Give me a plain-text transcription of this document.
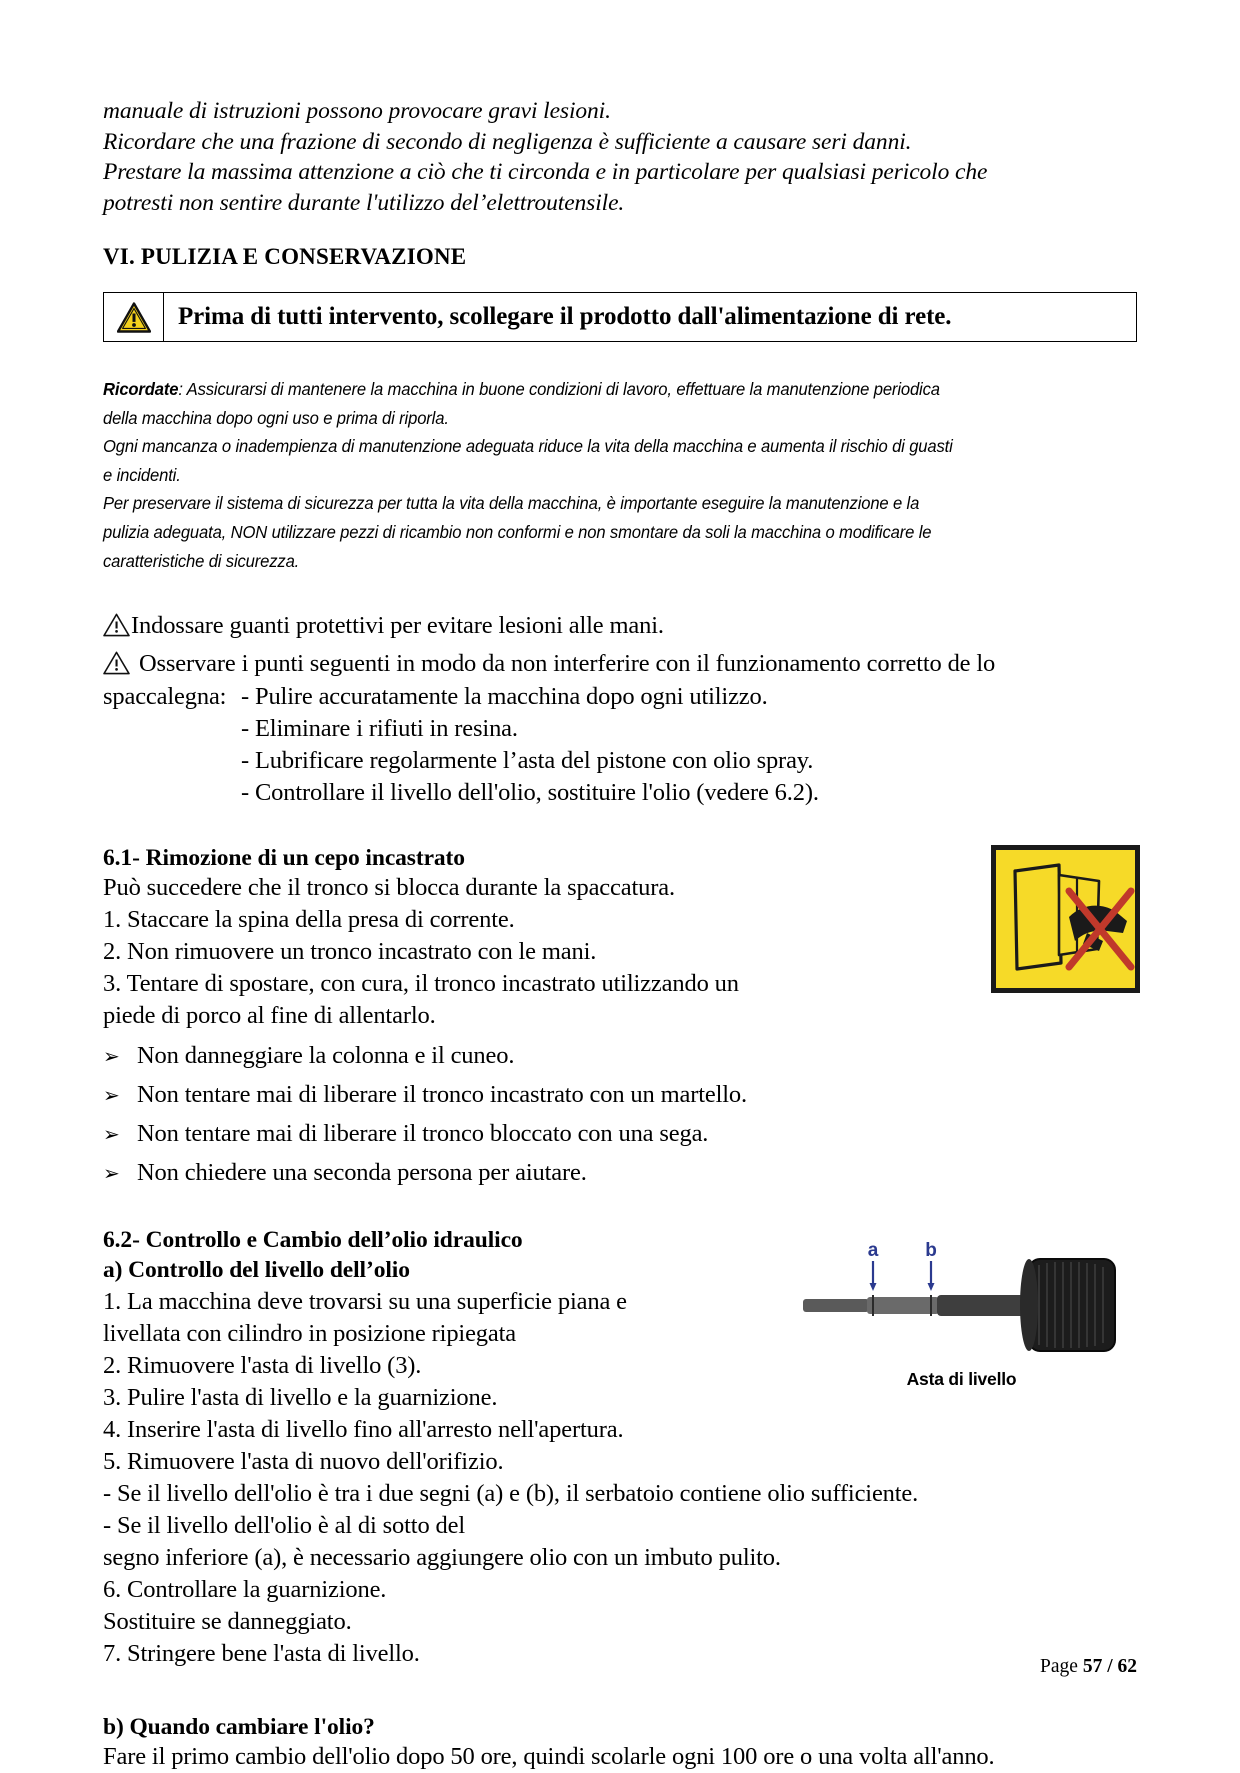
manuale di istruzioni possono provocare gravi lesioni.
Ricordare che una frazione di secondo di negligenza è sufficiente a causare seri danni.
Prestare la massima attenzione a ciò che ti circonda e in particolare per qualsiasi pericolo che
potresti non sentire durante l'utilizzo del’elettroutensile.
VI. PULIZIA E CONSERVAZIONE
Prima di tutti intervento, scollegare il prodotto dall'alimentazione di rete.
Ricordate: Assicurarsi di mantenere la macchina in buone condizioni di lavoro, effettuare la manutenzione periodica
della macchina dopo ogni uso e prima di riporla.
Ogni mancanza o inadempienza di manutenzione adeguata riduce la vita della macchina e aumenta il rischio di guasti
e incidenti.
Per preservare il sistema di sicurezza per tutta la vita della macchina, è importante eseguire la manutenzione e la
pulizia adeguata, NON utilizzare pezzi di ricambio non conformi e non smontare da soli la macchina o modificare le
caratteristiche di sicurezza.
Indossare guanti protettivi per evitare lesioni alle mani.
Osservare i punti seguenti in modo da non interferire con il funzionamento corretto de lo
spaccalegna: - Pulire accuratamente la macchina dopo ogni utilizzo.
- Eliminare i rifiuti in resina.
- Lubrificare regolarmente l’asta del pistone con olio spray.
- Controllare il livello dell'olio, sostituire l'olio (vedere 6.2).
6.1- Rimozione di un cepo incastrato
Può succedere che il tronco si blocca durante la spaccatura.
1. Staccare la spina della presa di corrente.
2. Non rimuovere un tronco incastrato con le mani.
3. Tentare di spostare, con cura, il tronco incastrato utilizzando un
piede di porco al fine di allentarlo.
➢ Non danneggiare la colonna e il cuneo.
➢ Non tentare mai di liberare il tronco incastrato con un martello.
➢ Non tentare mai di liberare il tronco bloccato con una sega.
➢ Non chiedere una seconda persona per aiutare.
6.2- Controllo e Cambio dell’olio idraulico
a) Controllo del livello dell’olio
1. La macchina deve trovarsi su una superficie piana e
livellata con cilindro in posizione ripiegata
2. Rimuovere l'asta di livello (3).
3. Pulire l'asta di livello e la guarnizione.
4. Inserire l'asta di livello fino all'arresto nell'apertura.
5. Rimuovere l'asta di nuovo dell'orifizio.
- Se il livello dell'olio è tra i due segni (a) e (b), il serbatoio contiene olio sufficiente.
- Se il livello dell'olio è al di sotto del
segno inferiore (a), è necessario aggiungere olio con un imbuto pulito.
6. Controllare la guarnizione.
Sostituire se danneggiato.
7. Stringere bene l'asta di livello.
a b
Asta di livello
b) Quando cambiare l'olio?
Fare il primo cambio dell'olio dopo 50 ore, quindi scolarle ogni 100 ore o una volta all'anno.
Page 57 / 62
